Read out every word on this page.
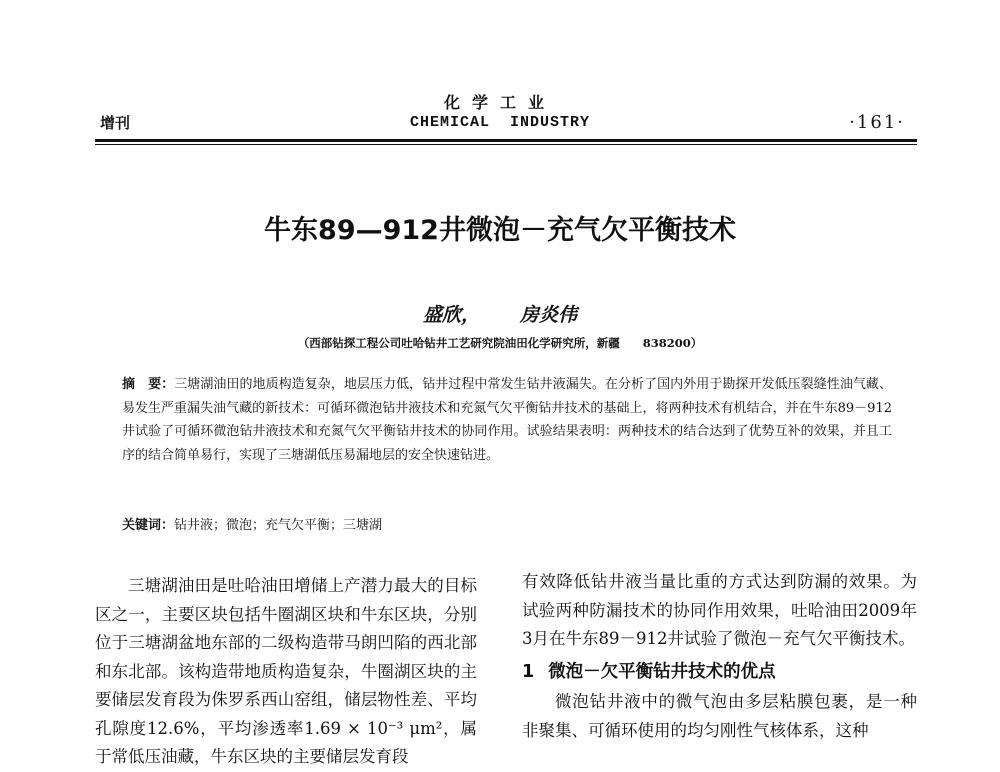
化学工业
增刊	CHEMICAL INDUSTRY	·161·
牛东89—912井微泡－充气欠平衡技术
盛欣， 房炎伟
（西部钻探工程公司吐哈钻井工艺研究院油田化学研究所，新疆　　838200）
摘　要：三塘湖油田的地质构造复杂，地层压力低，钻井过程中常发生钻井液漏失。在分析了国内外用于勘探开发低压裂缝性油气藏、易发生严重漏失油气藏的新技术：可循环微泡钻井液技术和充氮气欠平衡钻井技术的基础上，将两种技术有机结合，并在牛东89－912井试验了可循环微泡钻井液技术和充氮气欠平衡钻井技术的协同作用。试验结果表明：两种技术的结合达到了优势互补的效果，并且工序的结合简单易行，实现了三塘湖低压易漏地层的安全快速钻进。
关键词：钻井液；微泡；充气欠平衡；三塘湖
三塘湖油田是吐哈油田增储上产潜力最大的目标区之一，主要区块包括牛圈湖区块和牛东区块，分别位于三塘湖盆地东部的二级构造带马朗凹陷的西北部和东北部。该构造带地质构造复杂，牛圈湖区块的主要储层发育段为侏罗系西山窑组，储层物性差、平均孔隙度12.6%，平均渗透率1.69 × 10⁻³ μm²，属于常低压油藏，牛东区块的主要储层发育段

有效降低钻井液当量比重的方式达到防漏的效果。为试验两种防漏技术的协同作用效果，吐哈油田2009年3月在牛东89－912井试验了微泡－充气欠平衡技术。

1 微泡－欠平衡钻井技术的优点

微泡钻井液中的微气泡由多层粘膜包裹，是一种非聚集、可循环使用的均匀刚性气核体系，这种
